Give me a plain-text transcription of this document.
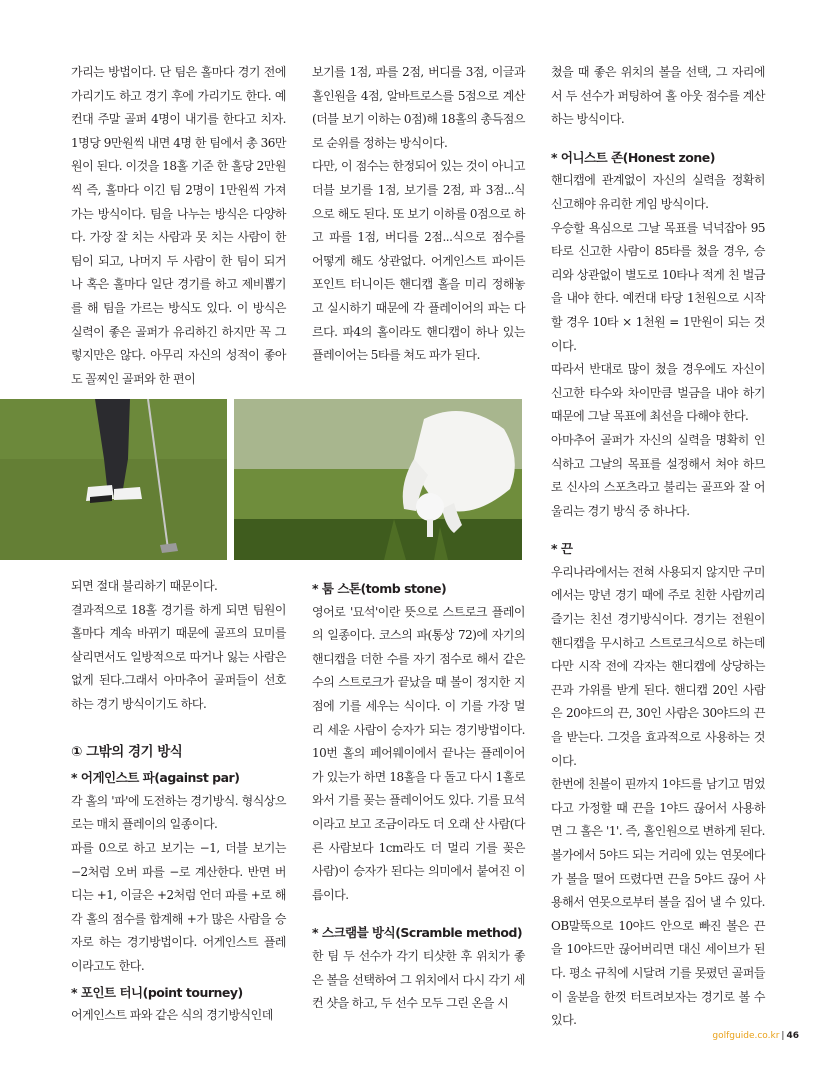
가리는 방법이다. 단 팀은 홀마다 경기 전에 가리기도 하고 경기 후에 가리기도 한다. 예컨대 주말 골퍼 4명이 내기를 한다고 치자. 1명당 9만원씩 내면 4명 한 팀에서 총 36만원이 된다. 이것을 18홀 기준 한 홀당 2만원씩 즉, 홀마다 이긴 팀 2명이 1만원씩 가져 가는 방식이다. 팀을 나누는 방식은 다양하다. 가장 잘 치는 사람과 못 치는 사람이 한 팀이 되고, 나머지 두 사람이 한 팀이 되거나 혹은 홀마다 일단 경기를 하고 제비뽑기를 해 팀을 가르는 방식도 있다. 이 방식은 실력이 좋은 골퍼가 유리하긴 하지만 꼭 그렇지만은 않다. 아무리 자신의 성적이 좋아도 꼴찌인 골퍼와 한 편이

보기를 1점, 파를 2점, 버디를 3점, 이글과 홀인원을 4점, 알바트로스를 5점으로 계산(더블 보기 이하는 0점)해 18홀의 총득점으로 순위를 정하는 방식이다.

다만, 이 점수는 한정되어 있는 것이 아니고 더블 보기를 1점, 보기를 2점, 파 3점...식으로 해도 된다. 또 보기 이하를 0점으로 하고 파를 1점, 버디를 2점...식으로 점수를 어떻게 해도 상관없다. 어게인스트 파이든 포인트 터니이든 핸디캡 홀을 미리 정해놓고 실시하기 때문에 각 플레이어의 파는 다르다. 파4의 홀이라도 핸디캡이 하나 있는 플레이어는 5타를 쳐도 파가 된다.

쳤을 때 좋은 위치의 볼을 선택, 그 자리에서 두 선수가 퍼팅하여 홀 아웃 점수를 계산하는 방식이다.

* 어니스트 존(Honest zone)

핸디캡에 관계없이 자신의 실력을 정확히 신고해야 유리한 게임 방식이다.

우승할 욕심으로 그날 목표를 넉넉잡아 95타로 신고한 사람이 85타를 쳤을 경우, 승리와 상관없이 별도로 10타나 적게 친 벌금을 내야 한다. 예컨대 타당 1천원으로 시작할 경우 10타 × 1천원 = 1만원이 되는 것이다.

따라서 반대로 많이 쳤을 경우에도 자신이 신고한 타수와 차이만큼 벌금을 내야 하기 때문에 그날 목표에 최선을 다해야 한다.

아마추어 골퍼가 자신의 실력을 명확히 인식하고 그날의 목표를 설정해서 쳐야 하므로 신사의 스포츠라고 불리는 골프와 잘 어울리는 경기 방식 중 하나다.

* 끈

우리나라에서는 전혀 사용되지 않지만 구미에서는 망년 경기 때에 주로 친한 사람끼리 즐기는 친선 경기방식이다. 경기는 전원이 핸디캡을 무시하고 스트로크식으로 하는데 다만 시작 전에 각자는 핸디캡에 상당하는 끈과 가위를 받게 된다. 핸디캡 20인 사람은 20야드의 끈, 30인 사람은 30야드의 끈을 받는다. 그것을 효과적으로 사용하는 것이다.

한번에 친볼이 핀까지 1야드를 남기고 멈었다고 가정할 때 끈을 1야드 끊어서 사용하면 그 홀은 '1'. 즉, 홀인원으로 변하게 된다. 볼가에서 5야드 되는 거리에 있는 연못에다가 볼을 떨어 뜨렸다면 끈을 5야드 끊어 사용해서 연못으로부터 볼을 집어 낼 수 있다. OB말뚝으로 10야드 안으로 빠진 볼은 끈을 10야드만 끊어버리면 대신 세이브가 된다. 평소 규칙에 시달려 기를 못폈던 골퍼들이 울분을 한껏 터트려보자는 경기로 볼 수 있다.

되면 절대 불리하기 때문이다.

결과적으로 18홀 경기를 하게 되면 팀원이 홀마다 계속 바뀌기 때문에 골프의 묘미를 살리면서도 일방적으로 따거나 잃는 사람은 없게 된다.그래서 아마추어 골퍼들이 선호하는 경기 방식이기도 하다.

① 그밖의 경기 방식

* 어게인스트 파(against par)

각 홀의 '파'에 도전하는 경기방식. 형식상으로는 매치 플레이의 일종이다.

파를 0으로 하고 보기는 −1, 더블 보기는 −2처럼 오버 파를 −로 계산한다. 반면 버디는 +1, 이글은 +2처럼 언더 파를 +로 해 각 홀의 점수를 합계해 +가 많은 사람을 승자로 하는 경기방법이다. 어게인스트 플레이라고도 한다.

* 포인트 터니(point tourney)

어게인스트 파와 같은 식의 경기방식인데

* 툼 스톤(tomb stone)

영어로 '묘석'이란 뜻으로 스트로크 플레이의 일종이다. 코스의 파(통상 72)에 자기의 핸디캡을 더한 수를 자기 점수로 해서 같은 수의 스트로크가 끝났을 때 볼이 정지한 지점에 기를 세우는 식이다. 이 기를 가장 멀리 세운 사람이 승자가 되는 경기방법이다. 10번 홀의 페어웨이에서 끝나는 플레이어가 있는가 하면 18홀을 다 돌고 다시 1홀로 와서 기를 꽂는 플레이어도 있다. 기를 묘석이라고 보고 조금이라도 더 오래 산 사람(다른 사람보다 1cm라도 더 멀리 기를 꽂은 사람)이 승자가 된다는 의미에서 붙여진 이름이다.

* 스크램블 방식(Scramble method)

한 팀 두 선수가 각기 티샷한 후 위치가 좋은 볼을 선택하여 그 위치에서 다시 각기 세컨 샷을 하고, 두 선수 모두 그린 온을 시

golfguide.co.kr | 46
